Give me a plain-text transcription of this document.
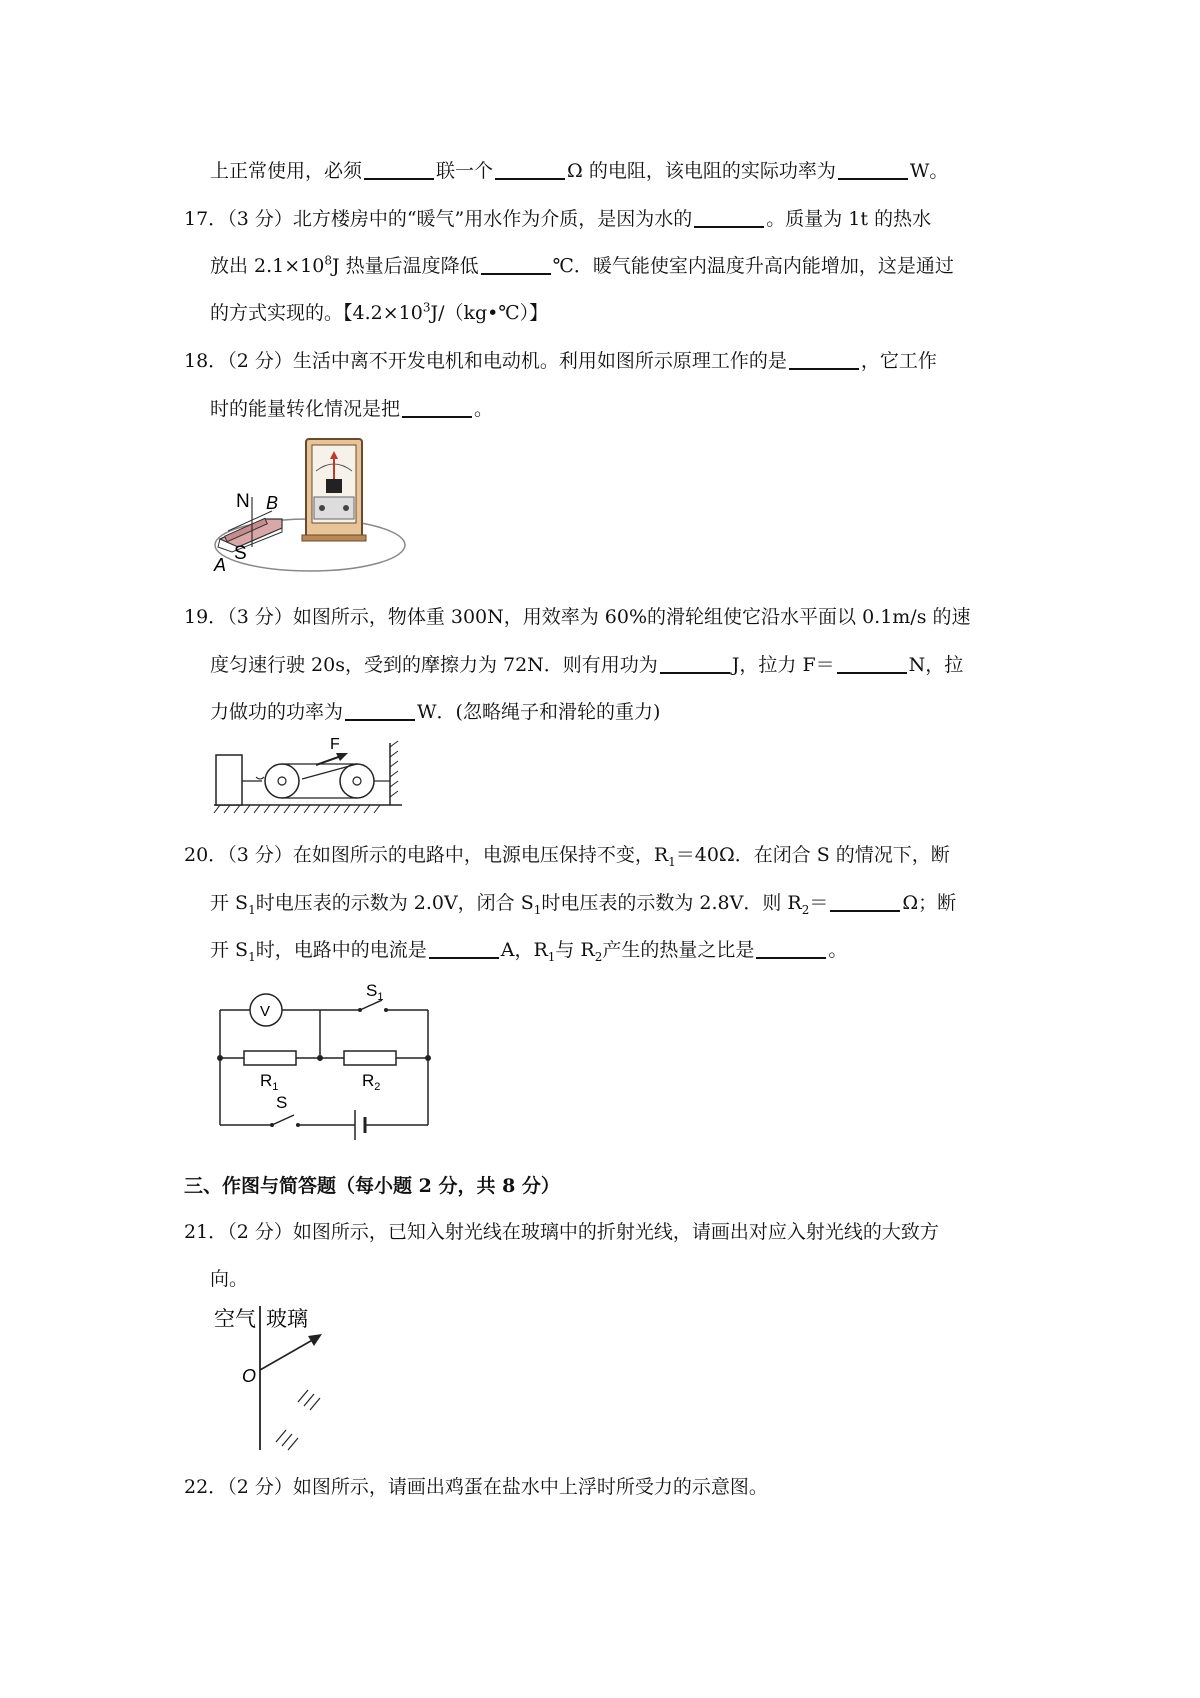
上正常使用，必须	联一个	Ω 的电阻，该电阻的实际功率为	W。
17．（3 分）北方楼房中的“暖气”用水作为介质，是因为水的	。质量为 1t 的热水
放出 $2.1\times 10^8J$ 热量后温度降低	℃．暖气能使室内温度升高内能增加，这是通过
的方式实现的。【$4.2\times 10^3J/(kg•℃)$】
18．（2 分）生活中离不开发电机和电动机。利用如图所示原理工作的是	，它工作
时的能量转化情况是把	。
N B
S
A
19．（3 分）如图所示，物体重 300N，用效率为 60%的滑轮组使它沿水平面以 0.1m/s 的速
度匀速行驶 20s，受到的摩擦力为 72N．则有用功为	J，拉力 F＝	N，拉
力做功的功率为	W．(忽略绳子和滑轮的重力)
F
20．（3 分）在如图所示的电路中，电源电压保持不变，$R_1=40\Omega$．在闭合 S 的情况下，断
开 $S_1$时电压表的示数为 2.0V，闭合 $S_1$时电压表的示数为 2.8V．则 $R_2=$	Ω；断
开 $S_1$时，电路中的电流是	A，$R_1$与 $R_2$产生的热量之比是	。
V
$S_1$
$R_1$	$R_2$
S
三、作图与简答题（每小题 2 分，共 8 分）
21．（2 分）如图所示，已知入射光线在玻璃中的折射光线，请画出对应入射光线的大致方
向。
空气 玻璃
O
22．（2 分）如图所示，请画出鸡蛋在盐水中上浮时所受力的示意图。
